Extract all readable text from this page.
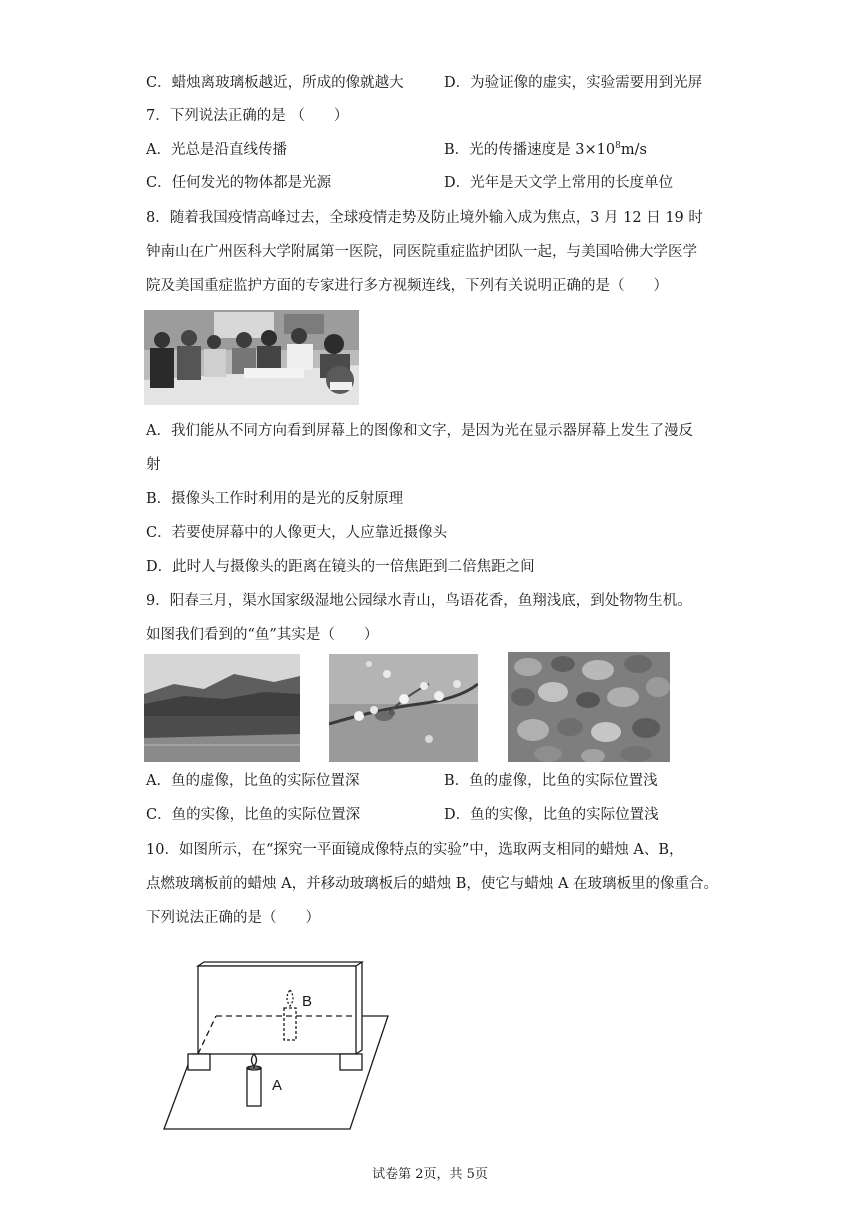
C．蜡烛离玻璃板越近，所成的像就越大	D．为验证像的虚实，实验需要用到光屏
7．下列说法正确的是 （　　）
A．光总是沿直线传播	B．光的传播速度是 $3\times 10^8m/s$
C．任何发光的物体都是光源	D．光年是天文学上常用的长度单位
8．随着我国疫情高峰过去，全球疫情走势及防止境外输入成为焦点，3 月 12 日 19 时
钟南山在广州医科大学附属第一医院，同医院重症监护团队一起，与美国哈佛大学医学
院及美国重症监护方面的专家进行多方视频连线，下列有关说明正确的是（　　）
A．我们能从不同方向看到屏幕上的图像和文字，是因为光在显示器屏幕上发生了漫反
射
B．摄像头工作时利用的是光的反射原理
C．若要使屏幕中的人像更大，人应靠近摄像头
D．此时人与摄像头的距离在镜头的一倍焦距到二倍焦距之间
9．阳春三月，渠水国家级湿地公园绿水青山，鸟语花香，鱼翔浅底，到处物物生机。
如图我们看到的“鱼”其实是（　　）
A．鱼的虚像，比鱼的实际位置深	B．鱼的虚像，比鱼的实际位置浅
C．鱼的实像，比鱼的实际位置深	D．鱼的实像，比鱼的实际位置浅
10．如图所示，在“探究一平面镜成像特点的实验”中，选取两支相同的蜡烛 A、B，
点燃玻璃板前的蜡烛 A，并移动玻璃板后的蜡烛 B，使它与蜡烛 A 在玻璃板里的像重合。
下列说法正确的是（　　）
A
B
试卷第 2页，共 5页
